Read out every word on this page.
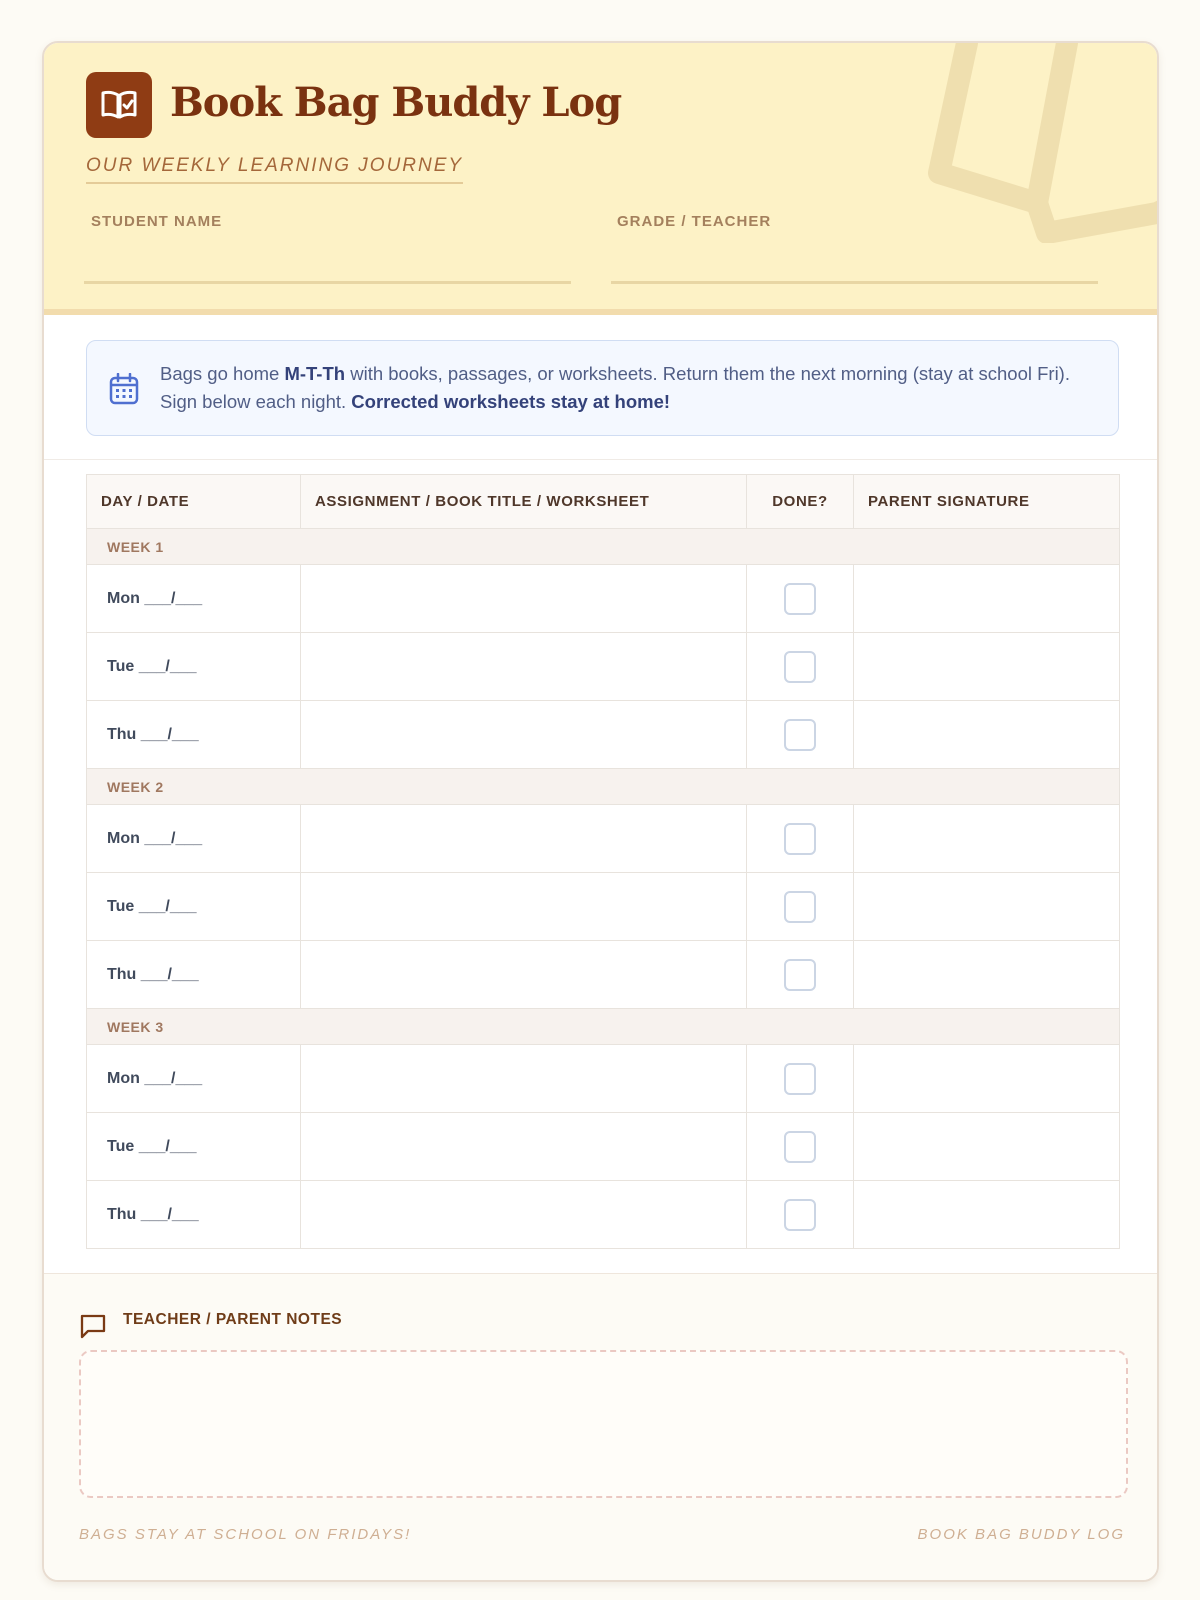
Book Bag Buddy Log
OUR WEEKLY LEARNING JOURNEY
STUDENT NAME	GRADE / TEACHER
Bags go home M-T-Th with books, passages, or worksheets. Return them the next morning (stay at school Fri). Sign below each night. Corrected worksheets stay at home!
DAY / DATE	ASSIGNMENT / BOOK TITLE / WORKSHEET	DONE?	PARENT SIGNATURE
WEEK 1			
Mon ___/___			
Tue ___/___			
Thu ___/___			
WEEK 2			
Mon ___/___			
Tue ___/___			
Thu ___/___			
WEEK 3			
Mon ___/___			
Tue ___/___			
Thu ___/___			
TEACHER / PARENT NOTES
BAGS STAY AT SCHOOL ON FRIDAYS!	BOOK BAG BUDDY LOG
